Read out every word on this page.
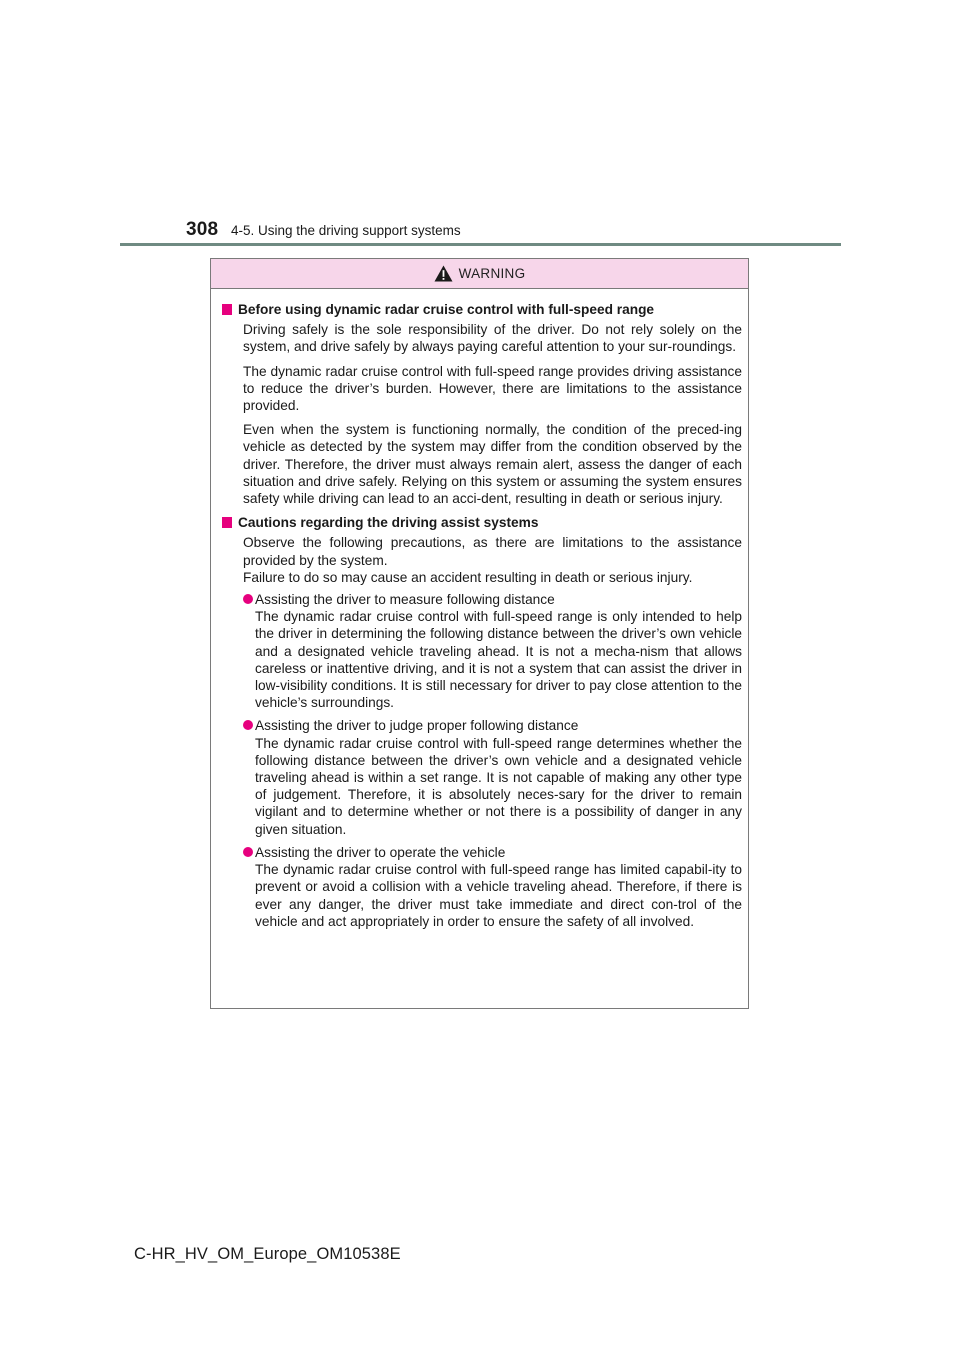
308 4-5. Using the driving support systems
WARNING
Before using dynamic radar cruise control with full-speed range

Driving safely is the sole responsibility of the driver. Do not rely solely on the system, and drive safely by always paying careful attention to your sur-roundings.

The dynamic radar cruise control with full-speed range provides driving assistance to reduce the driver’s burden. However, there are limitations to the assistance provided.

Even when the system is functioning normally, the condition of the preced-ing vehicle as detected by the system may differ from the condition observed by the driver. Therefore, the driver must always remain alert, assess the danger of each situation and drive safely. Relying on this system or assuming the system ensures safety while driving can lead to an acci-dent, resulting in death or serious injury.

Cautions regarding the driving assist systems

Observe the following precautions, as there are limitations to the assistance provided by the system.

Failure to do so may cause an accident resulting in death or serious injury.

Assisting the driver to measure following distance
The dynamic radar cruise control with full-speed range is only intended to help the driver in determining the following distance between the driver’s own vehicle and a designated vehicle traveling ahead. It is not a mecha-nism that allows careless or inattentive driving, and it is not a system that can assist the driver in low-visibility conditions. It is still necessary for driver to pay close attention to the vehicle’s surroundings.
Assisting the driver to judge proper following distance
The dynamic radar cruise control with full-speed range determines whether the following distance between the driver’s own vehicle and a designated vehicle traveling ahead is within a set range. It is not capable of making any other type of judgement. Therefore, it is absolutely neces-sary for the driver to remain vigilant and to determine whether or not there is a possibility of danger in any given situation.
Assisting the driver to operate the vehicle
The dynamic radar cruise control with full-speed range has limited capabil-ity to prevent or avoid a collision with a vehicle traveling ahead. Therefore, if there is ever any danger, the driver must take immediate and direct con-trol of the vehicle and act appropriately in order to ensure the safety of all involved.
C-HR_HV_OM_Europe_OM10538E
